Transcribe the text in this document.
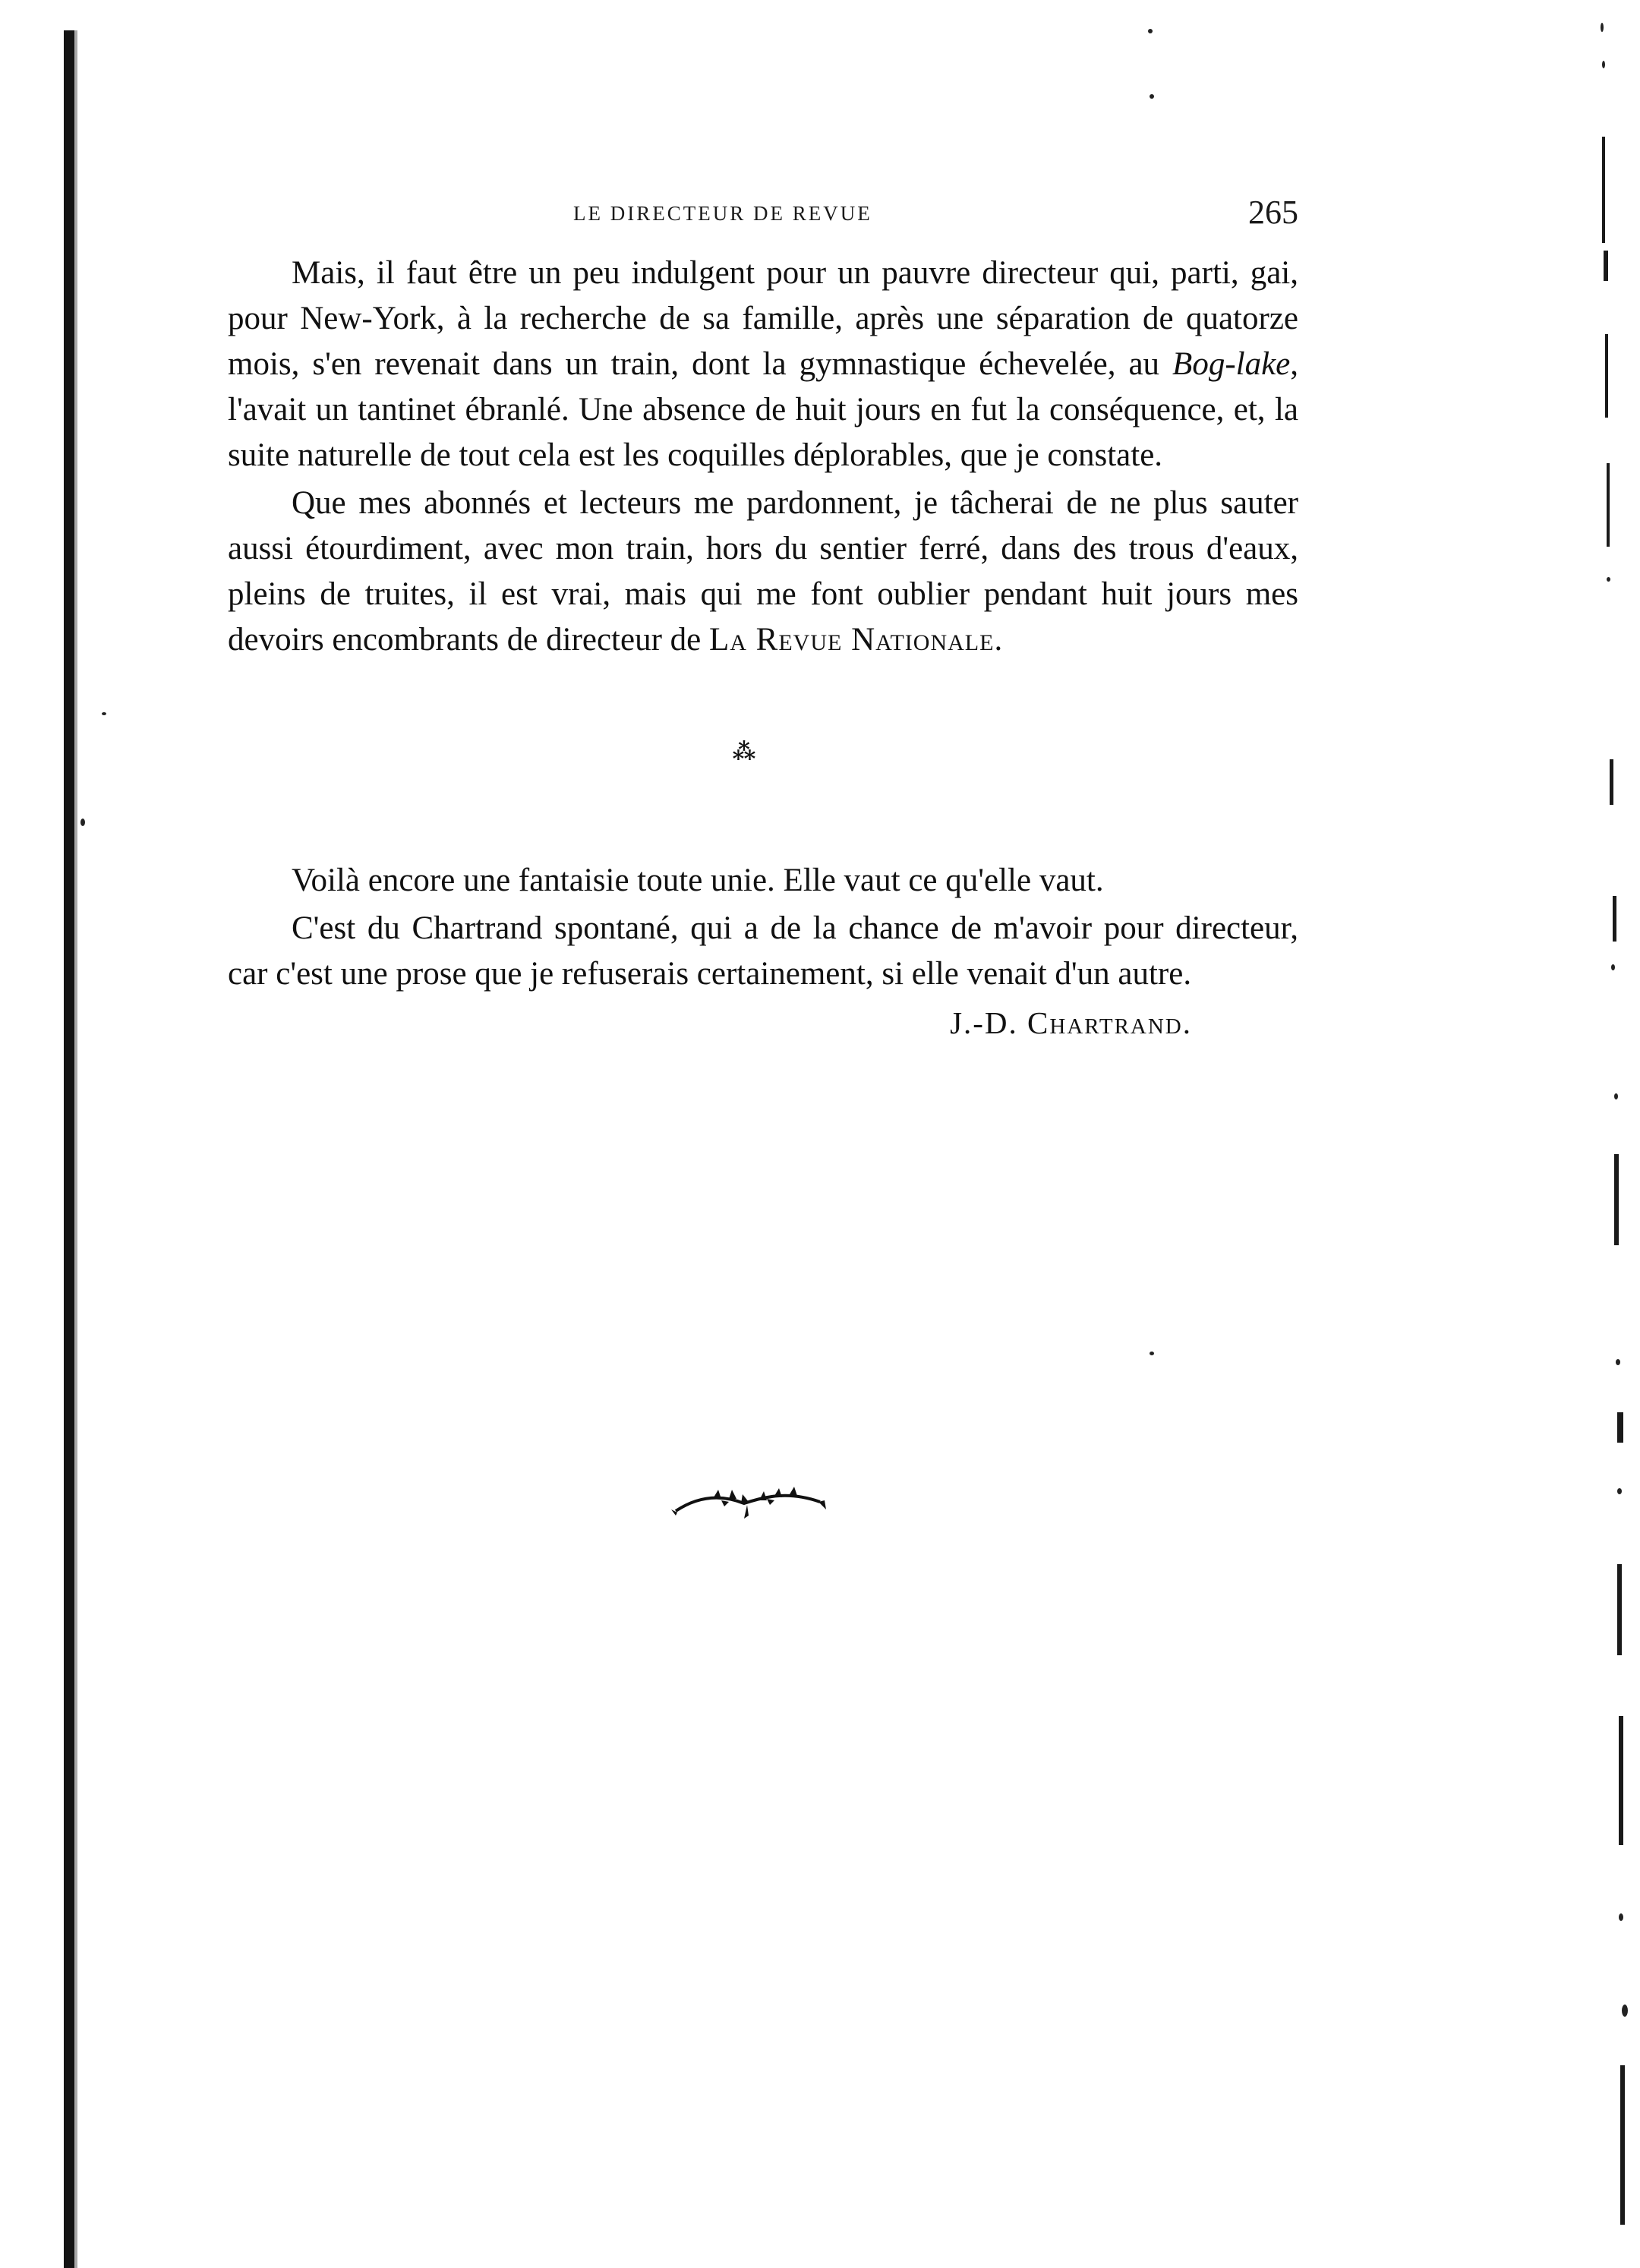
LE DIRECTEUR DE REVUE	265

Mais, il faut être un peu indulgent pour un pauvre directeur qui, parti, gai, pour New-York, à la recherche de sa famille, après une séparation de quatorze mois, s'en revenait dans un train, dont la gymnastique échevelée, au Bog-lake, l'avait un tantinet ébranlé. Une absence de huit jours en fut la conséquence, et, la suite naturelle de tout cela est les coquilles déplorables, que je constate.

Que mes abonnés et lecteurs me pardonnent, je tâcherai de ne plus sauter aussi étourdiment, avec mon train, hors du sentier ferré, dans des trous d'eaux, pleins de truites, il est vrai, mais qui me font oublier pendant huit jours mes devoirs encombrants de directeur de La Revue Nationale.

⁂

Voilà encore une fantaisie toute unie. Elle vaut ce qu'elle vaut.

C'est du Chartrand spontané, qui a de la chance de m'avoir pour directeur, car c'est une prose que je refuserais certainement, si elle venait d'un autre.

J.-D. Chartrand.
